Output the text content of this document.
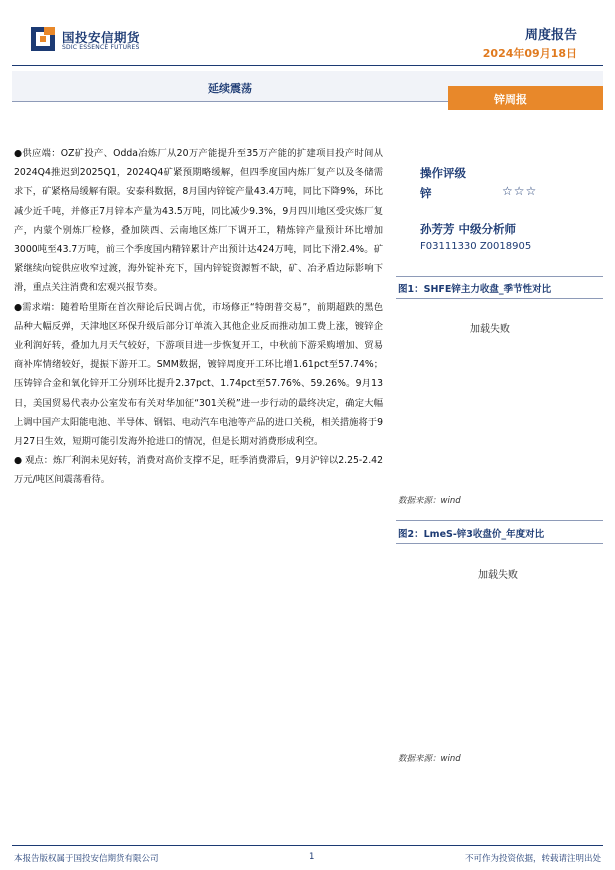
国投安信期货
SDIC ESSENCE FUTURES
周度报告
2024年09月18日
延续震荡
锌周报

●供应端：OZ矿投产、Odda冶炼厂从20万产能提升至35万产能的扩建项目投产时间从2024Q4推迟到2025Q1，2024Q4矿紧预期略缓解，但四季度国内炼厂复产以及冬储需求下，矿紧格局缓解有限。安泰科数据，8月国内锌锭产量43.4万吨，同比下降9%，环比减少近千吨，并修正7月锌本产量为43.5万吨，同比减少9.3%，9月四川地区受灾炼厂复产，内蒙个别炼厂检修，叠加陕西、云南地区炼厂下调开工，精炼锌产量预计环比增加3000吨至43.7万吨，前三个季度国内精锌累计产出预计达424万吨，同比下滑2.4%。矿紧继续向锭供应收窄过渡，海外锭补充下，国内锌锭资源暂不缺，矿、冶矛盾边际影响下滑，重点关注消费和宏观兴报节奏。

●需求端：随着哈里斯在首次辩论后民调占优，市场修正“特朗普交易”，前期超跌的黑色品种大幅反弹，天津地区环保升级后部分订单流入其他企业反而推动加工费上涨，镀锌企业利润好转，叠加九月天气较好，下游项目进一步恢复开工，中秋前下游采购增加、贸易商补库情绪较好，提振下游开工。SMM数据，镀锌周度开工环比增1.61pct至57.74%；压铸锌合金和氧化锌开工分别环比提升2.37pct、1.74pct至57.76%、59.26%。9月13日，美国贸易代表办公室发布有关对华加征“301关税”进一步行动的最终决定，确定大幅上调中国产太阳能电池、半导体、钢铝、电动汽车电池等产品的进口关税，相关措施将于9月27日生效，短期可能引发海外抢进口的情况，但是长期对消费形成利空。

● 观点：炼厂利润未见好转，消费对高价支撑不足，旺季消费滞后，9月沪锌以2.25-2.42万元/吨区间震荡看待。

操作评级
锌	☆☆☆
孙芳芳 中级分析师
F03111330 Z0018905
图1：SHFE锌主力收盘_季节性对比
加载失败
数据来源：wind
图2：LmeS-锌3收盘价_年度对比
加载失败
数据来源：wind
本报告版权属于国投安信期货有限公司	1	不可作为投资依据，转载请注明出处
